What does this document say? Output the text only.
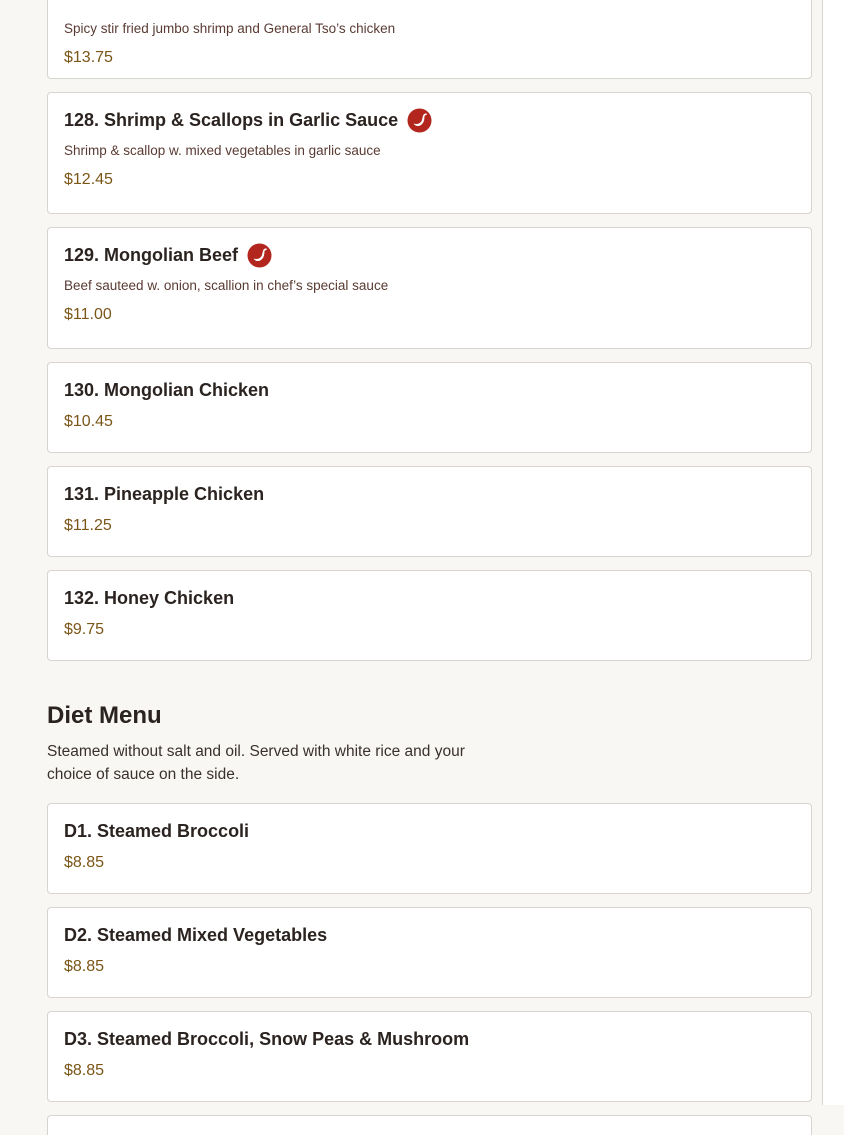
Spicy stir fried jumbo shrimp and General Tso’s chicken
$13.75
128. Shrimp & Scallops in Garlic Sauce
Shrimp & scallop w. mixed vegetables in garlic sauce
$12.45
129. Mongolian Beef
Beef sauteed w. onion, scallion in chef’s special sauce
$11.00
130. Mongolian Chicken
$10.45
131. Pineapple Chicken
$11.25
132. Honey Chicken
$9.75
Diet Menu
Steamed without salt and oil. Served with white rice and your choice of sauce on the side.
D1. Steamed Broccoli
$8.85
D2. Steamed Mixed Vegetables
$8.85
D3. Steamed Broccoli, Snow Peas & Mushroom
$8.85
